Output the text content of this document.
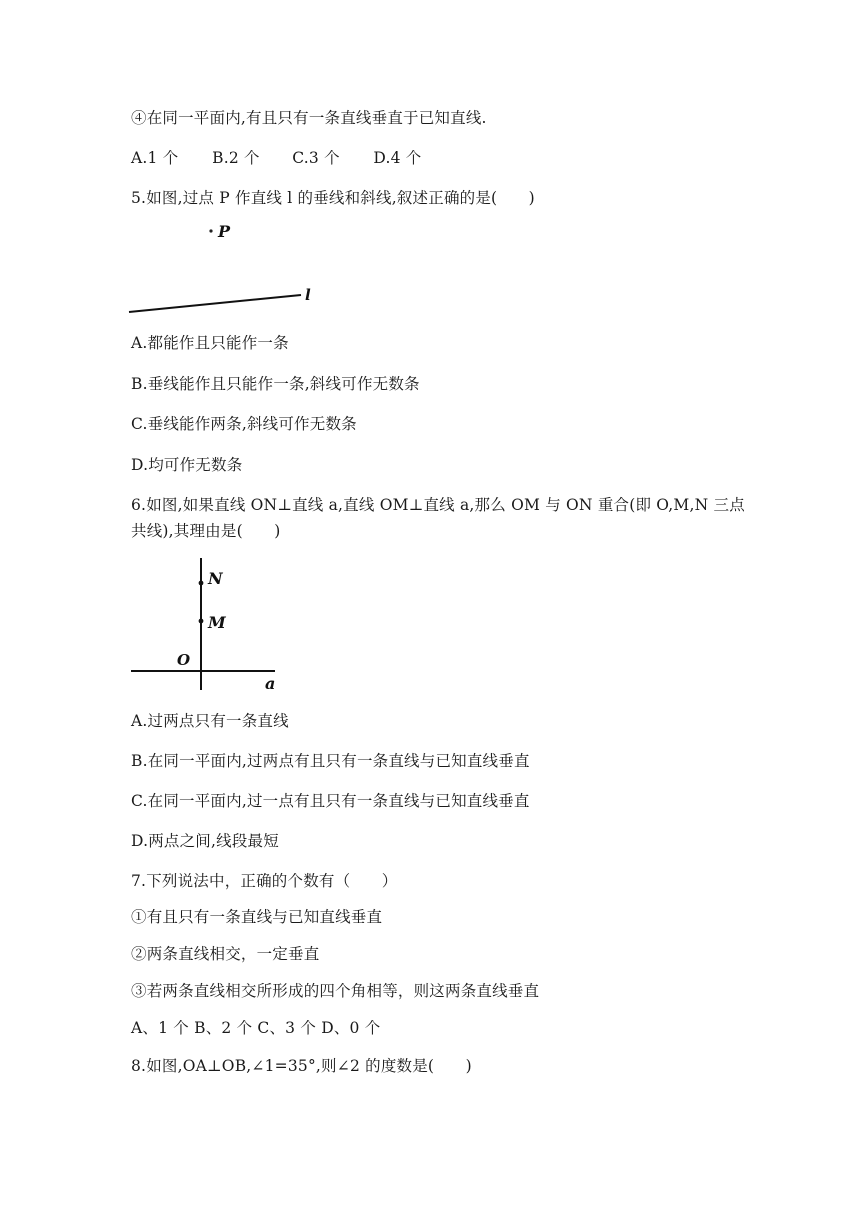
④在同一平面内,有且只有一条直线垂直于已知直线.
A.1 个 B.2 个 C.3 个 D.4 个
5.如图,过点 P 作直线 l 的垂线和斜线,叙述正确的是(　　)
P
l
A.都能作且只能作一条
B.垂线能作且只能作一条,斜线可作无数条
C.垂线能作两条,斜线可作无数条
D.均可作无数条
6.如图,如果直线 ON⊥直线 a,直线 OM⊥直线 a,那么 OM 与 ON 重合(即 O,M,N 三点
共线),其理由是(　　)
N
M
O
a
A.过两点只有一条直线
B.在同一平面内,过两点有且只有一条直线与已知直线垂直
C.在同一平面内,过一点有且只有一条直线与已知直线垂直
D.两点之间,线段最短
7.下列说法中，正确的个数有（　　）
①有且只有一条直线与已知直线垂直
②两条直线相交，一定垂直
③若两条直线相交所形成的四个角相等，则这两条直线垂直
A、1 个 B、2 个 C、3 个 D、0 个
8.如图,OA⊥OB,∠1=35°,则∠2 的度数是(　　)
